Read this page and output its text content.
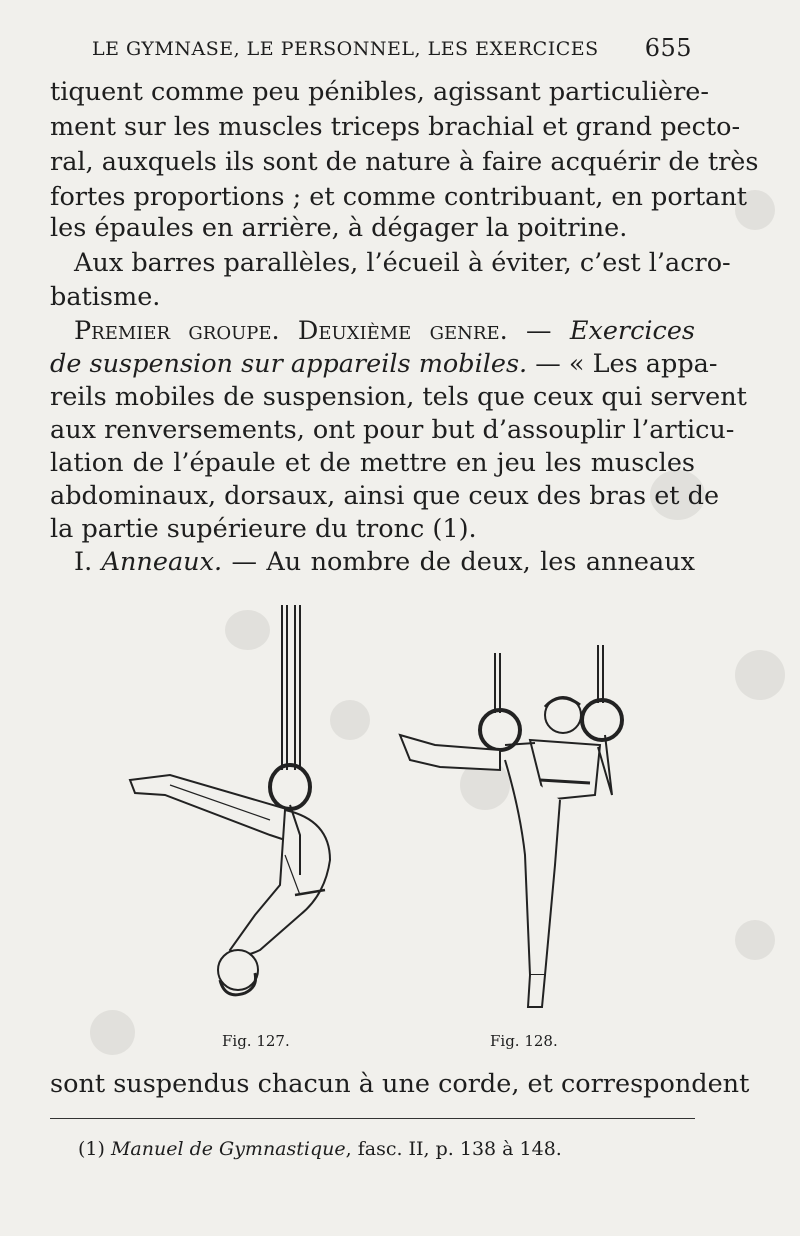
LE GYMNASE, LE PERSONNEL, LES EXERCICES 655
tiquent comme peu pénibles, agissant particulière-
ment sur les muscles triceps brachial et grand pecto-
ral, auxquels ils sont de nature à faire acquérir de très
fortes proportions ; et comme contribuant, en portant
les épaules en arrière, à dégager la poitrine.
Aux barres parallèles, l’écueil à éviter, c’est l’acro-
batisme.
Premier groupe. Deuxième genre. — Exercices
de suspension sur appareils mobiles. — « Les appa-
reils mobiles de suspension, tels que ceux qui servent
aux renversements, ont pour but d’assouplir l’articu-
lation de l’épaule et de mettre en jeu les muscles
abdominaux, dorsaux, ainsi que ceux des bras et de
la partie supérieure du tronc (1).
I. Anneaux. — Au nombre de deux, les anneaux
Fig. 127.	Fig. 128.
sont suspendus chacun à une corde, et correspondent
(1) Manuel de Gymnastique, fasc. II, p. 138 à 148.
